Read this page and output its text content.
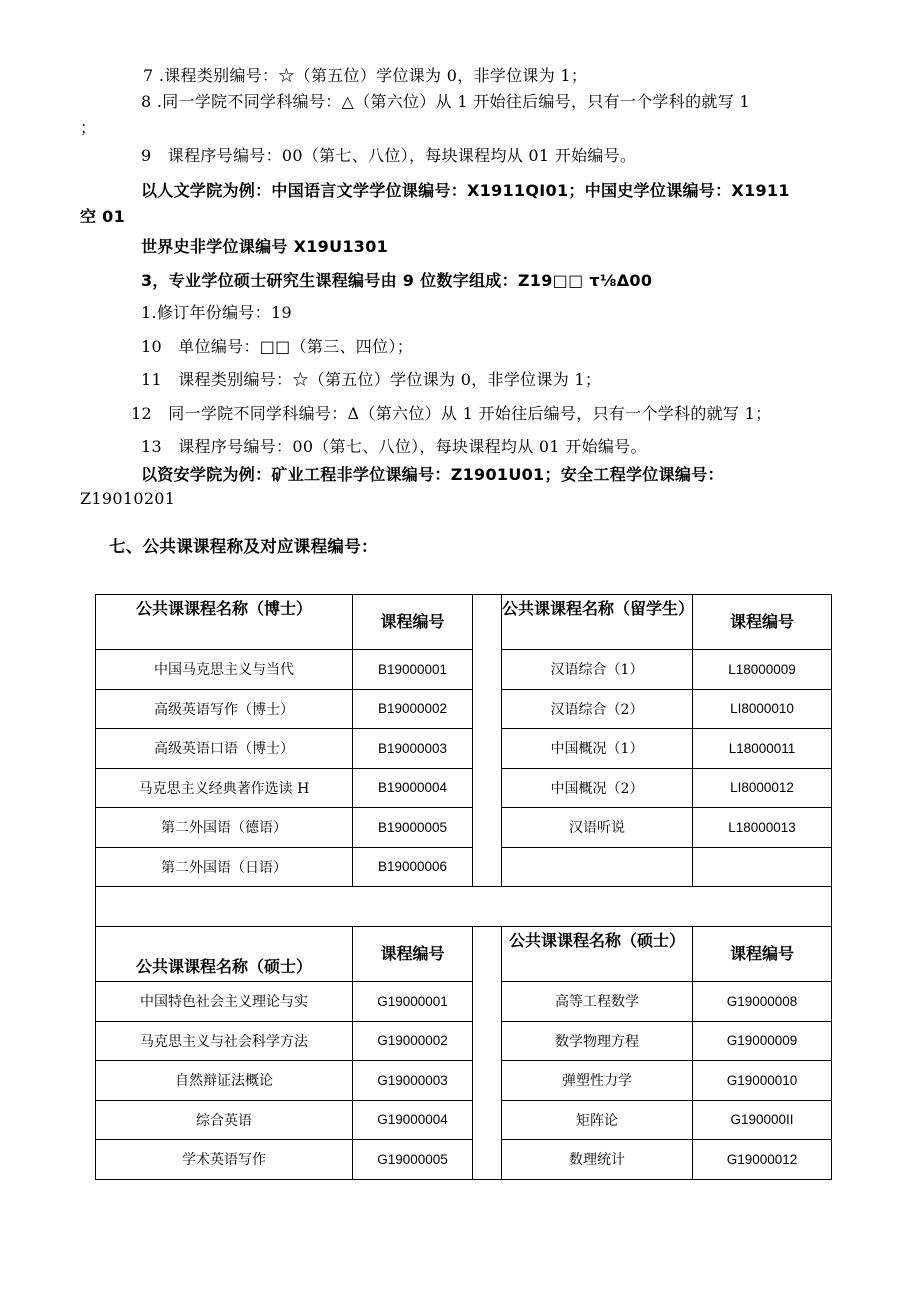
7 .课程类别编号：☆（第五位）学位课为 0，非学位课为 1；
8 .同一学院不同学科编号：△（第六位）从 1 开始往后编号，只有一个学科的就写 1
；
9　课程序号编号：00（第七、八位），每块课程均从 01 开始编号。
以人文学院为例：中国语言文学学位课编号：X1911QI01；中国史学位课编号：X1911
空 01
世界史非学位课编号 X19U1301
3，专业学位硕士研究生课程编号由 9 位数字组成：Z19□□ τ⅛Δ00
1.修订年份编号：19
10　单位编号：□□（第三、四位）；
11　课程类别编号：☆（第五位）学位课为 0，非学位课为 1；
12　同一学院不同学科编号：Δ（第六位）从 1 开始往后编号，只有一个学科的就写 1；
13　课程序号编号：00（第七、八位），每块课程均从 01 开始编号。
以资安学院为例：矿业工程非学位课编号：Z1901U01；安全工程学位课编号：
Z19010201
七、公共课课程称及对应课程编号：
公共课课程名称（博士）	课程编号		公共课课程名称（留学生）	课程编号
中国马克思主义与当代	B19000001		汉语综合（1）	L18000009
高级英语写作（博士）	B19000002		汉语综合（2）	LI8000010
高级英语口语（博士）	B19000003		中国概况（1）	L18000011
马克思主义经典著作选读 H	B19000004		中国概况（2）	LI8000012
第二外国语（德语）	B19000005		汉语听说	L18000013
第二外国语（日语）	B19000006			

公共课课程名称（硕士）	课程编号		公共课课程名称（硕士）	课程编号
中国特色社会主义理论与实	G19000001		高等工程数学	G19000008
马克思主义与社会科学方法	G19000002		数学物理方程	G19000009
自然辩证法概论	G19000003		弹塑性力学	G19000010
综合英语	G19000004		矩阵论	G190000II
学术英语写作	G19000005		数理统计	G19000012
